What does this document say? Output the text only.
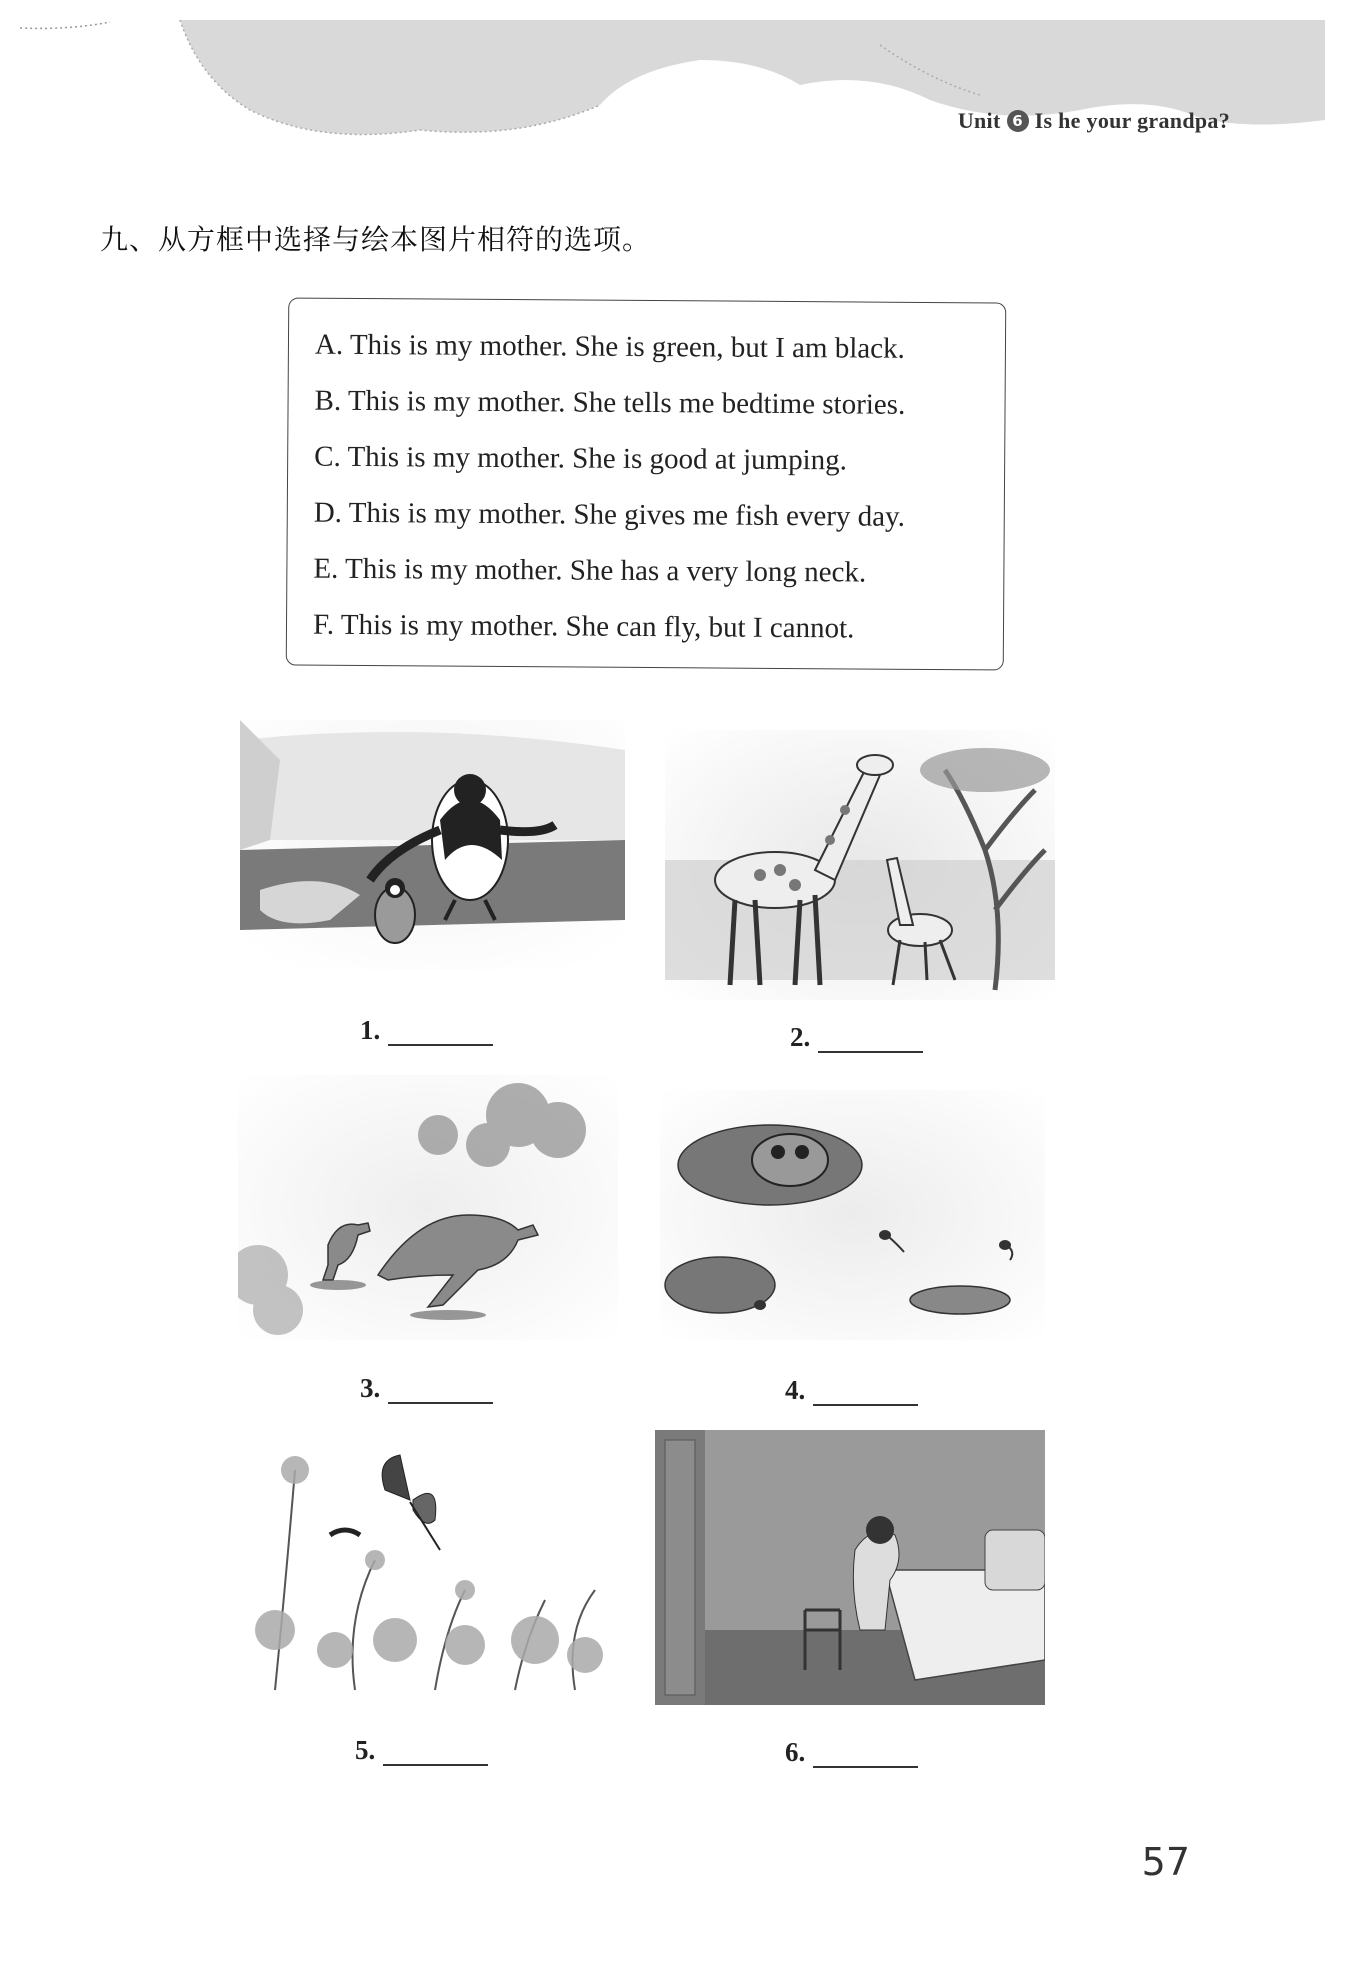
Unit 6 Is he your grandpa?
九、从方框中选择与绘本图片相符的选项。
A. This is my mother. She is green, but I am black.
B. This is my mother. She tells me bedtime stories.
C. This is my mother. She is good at jumping.
D. This is my mother. She gives me fish every day.
E. This is my mother. She has a very long neck.
F. This is my mother. She can fly, but I cannot.
1.	2.
3.	4.
5.	6.
57
